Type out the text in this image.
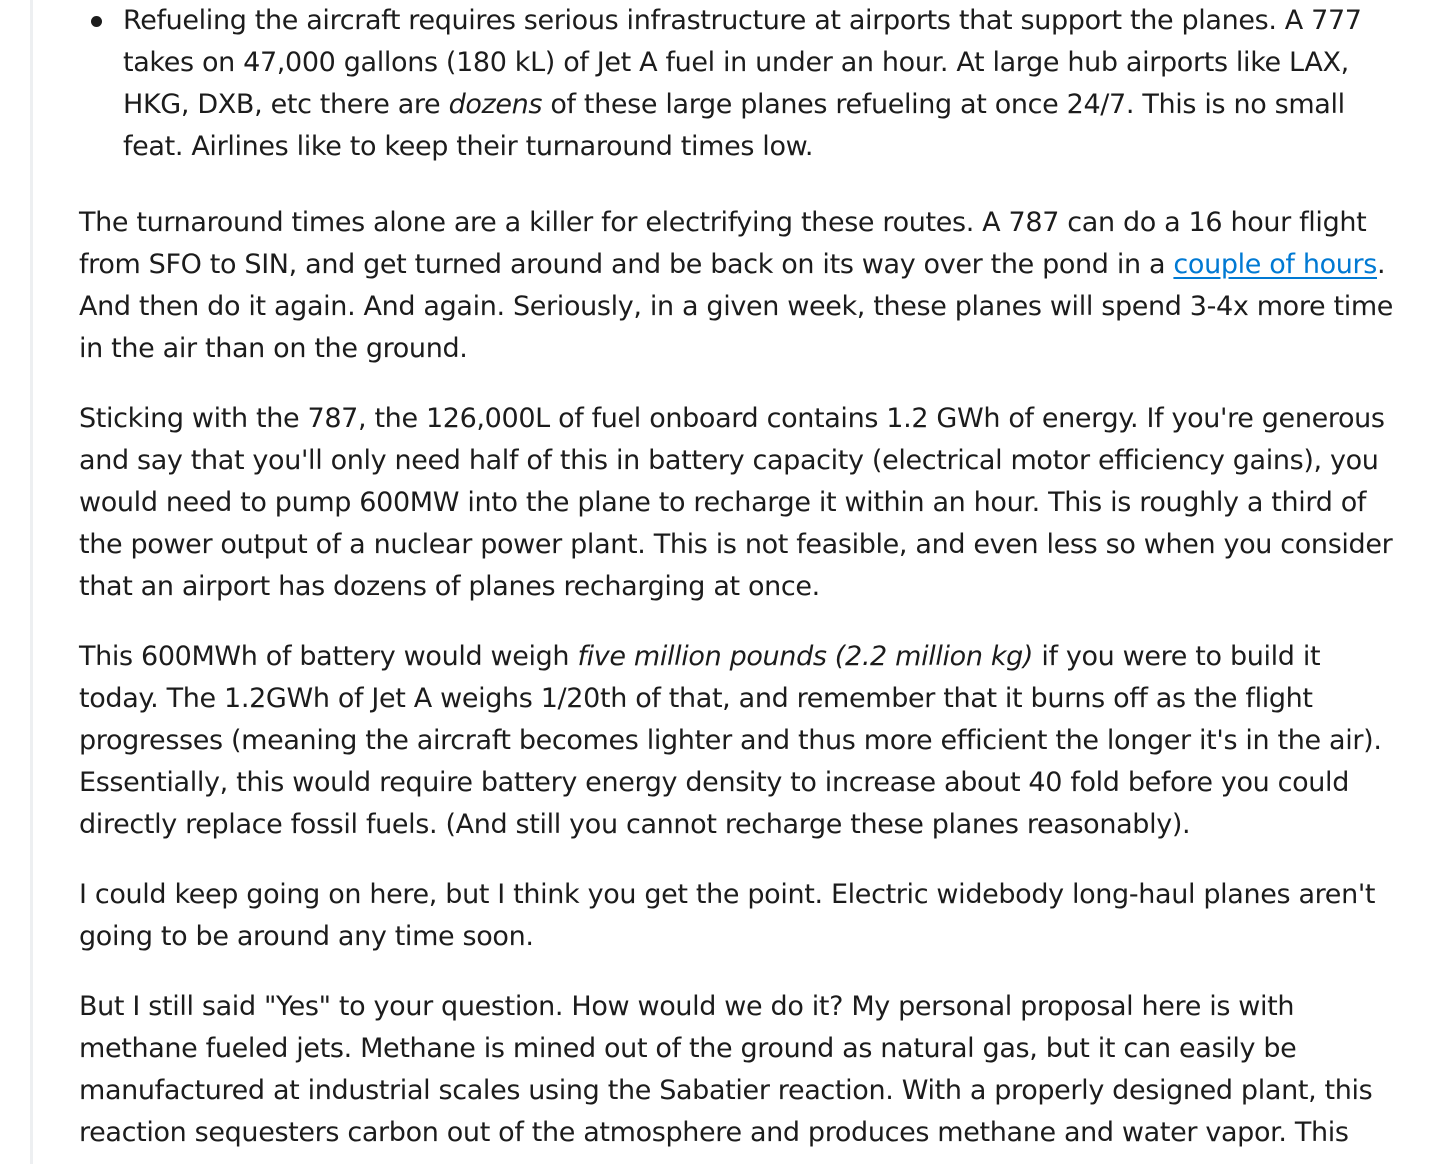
Refueling the aircraft requires serious infrastructure at airports that support the planes. A 777 takes on 47,000 gallons (180 kL) of Jet A fuel in under an hour. At large hub airports like LAX, HKG, DXB, etc there are dozens of these large planes refueling at once 24/7. This is no small feat. Airlines like to keep their turnaround times low.

The turnaround times alone are a killer for electrifying these routes. A 787 can do a 16 hour flight from SFO to SIN, and get turned around and be back on its way over the pond in a couple of hours. And then do it again. And again. Seriously, in a given week, these planes will spend 3-4x more time in the air than on the ground.

Sticking with the 787, the 126,000L of fuel onboard contains 1.2 GWh of energy. If you're generous and say that you'll only need half of this in battery capacity (electrical motor efficiency gains), you would need to pump 600MW into the plane to recharge it within an hour. This is roughly a third of the power output of a nuclear power plant. This is not feasible, and even less so when you consider that an airport has dozens of planes recharging at once.

This 600MWh of battery would weigh five million pounds (2.2 million kg) if you were to build it today. The 1.2GWh of Jet A weighs 1/20th of that, and remember that it burns off as the flight progresses (meaning the aircraft becomes lighter and thus more efficient the longer it's in the air). Essentially, this would require battery energy density to increase about 40 fold before you could directly replace fossil fuels. (And still you cannot recharge these planes reasonably).

I could keep going on here, but I think you get the point. Electric widebody long-haul planes aren't going to be around any time soon.

But I still said "Yes" to your question. How would we do it? My personal proposal here is with methane fueled jets. Methane is mined out of the ground as natural gas, but it can easily be manufactured at industrial scales using the Sabatier reaction. With a properly designed plant, this reaction sequesters carbon out of the atmosphere and produces methane and water vapor. This
